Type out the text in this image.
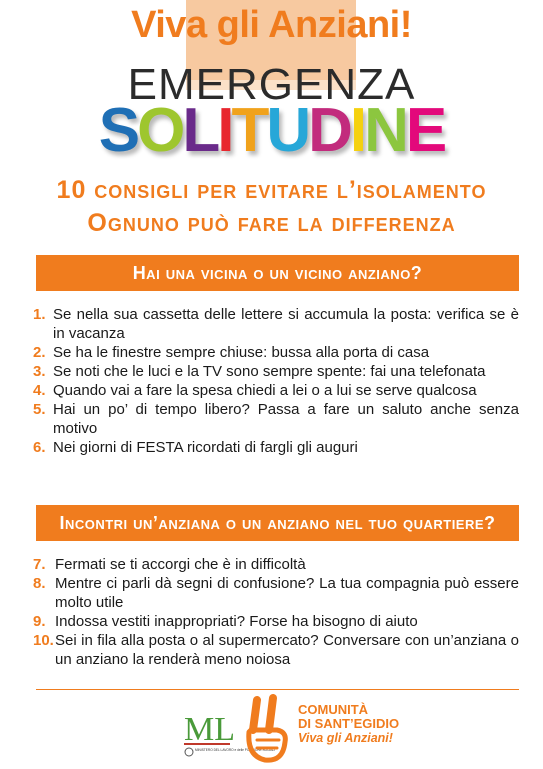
Viva gli Anziani!
EMERGENZA
SOLITUDINE
10 consigli per evitare l’isolamento
Ognuno può fare la differenza
Hai una vicina o un vicino anziano?
1. Se nella sua cassetta delle lettere si accumula la posta: verifica se è in vacanza
2. Se ha le finestre sempre chiuse: bussa alla porta di casa
3. Se noti che le luci e la TV sono sempre spente: fai una telefonata
4. Quando vai a fare la spesa chiedi a lei o a lui se serve qualcosa
5. Hai un po’ di tempo libero? Passa a fare un saluto anche senza motivo
6. Nei giorni di FESTA ricordati di fargli gli auguri
Incontri un’anziana o un anziano nel tuo quartiere?
7. Fermati se ti accorgi che è in difficoltà
8. Mentre ci parli dà segni di confusione? La tua compagnia può essere molto utile
9. Indossa vestiti inappropriati? Forse ha bisogno di aiuto
10. Sei in fila alla posta o al supermercato? Conversare con un’anziana o un anziano la renderà meno noiosa
ML
MINISTERO DEL LAVORO e delle POLITICHE SOCIALI
COMUNITÀ
DI SANT’EGIDIO
Viva gli Anziani!
